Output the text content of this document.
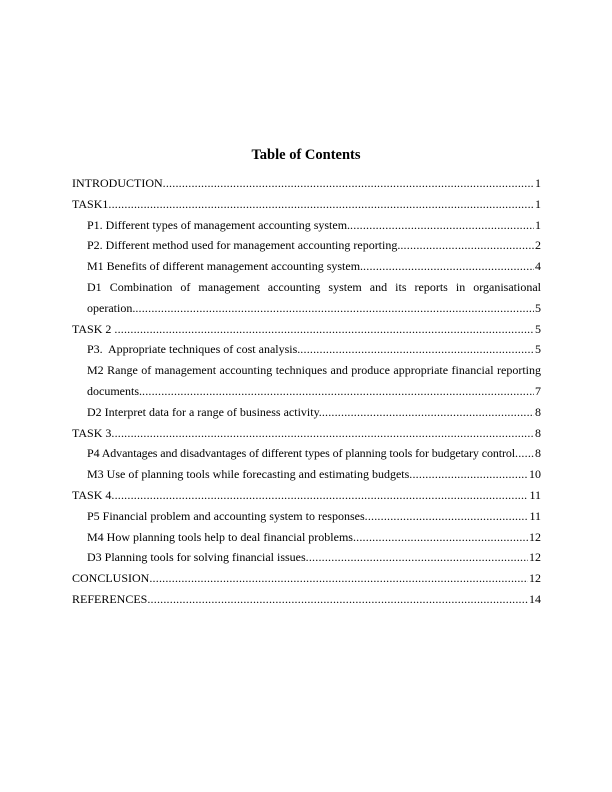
Table of Contents
INTRODUCTION .....	1
TASK1 .....	1
P1. Different types of management accounting system. .....	1
P2. Different method used for management accounting reporting. .....	2
M1 Benefits of different management accounting system. .....	4
D1 Combination of management accounting system and its reports in organisational
operation. .....	5
TASK 2 .....	5
P3.  Appropriate techniques of cost analysis. .....	5
M2 Range of management accounting techniques and produce appropriate financial reporting
documents. .....	7
D2 Interpret data for a range of business activity. .....	8
TASK 3 .....	8
P4 Advantages and disadvantages of different types of planning tools for budgetary control ..... 8
M3 Use of planning tools while forecasting and estimating budgets .....	10
TASK 4 .....	11
P5 Financial problem and accounting system to responses .....	11
M4 How planning tools help to deal financial problems .....	12
D3 Planning tools for solving financial issues .....	12
CONCLUSION .....	12
REFERENCES .....	14
